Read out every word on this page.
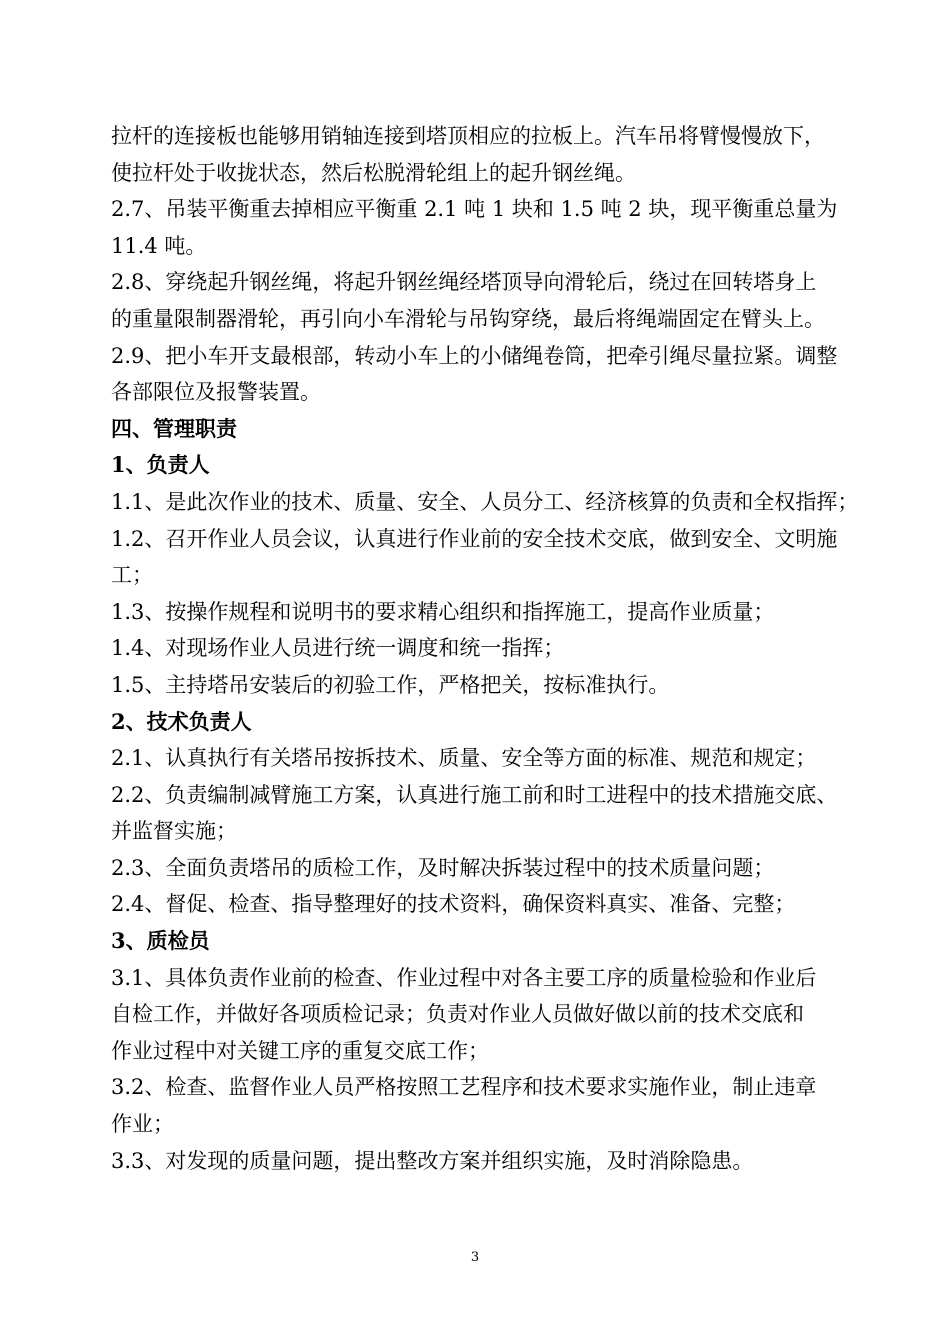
拉杆的连接板也能够用销轴连接到塔顶相应的拉板上。汽车吊将臂慢慢放下，
使拉杆处于收拢状态，然后松脱滑轮组上的起升钢丝绳。
2.7、吊装平衡重去掉相应平衡重 2.1 吨 1 块和 1.5 吨 2 块，现平衡重总量为
11.4 吨。
2.8、穿绕起升钢丝绳，将起升钢丝绳经塔顶导向滑轮后，绕过在回转塔身上
的重量限制器滑轮，再引向小车滑轮与吊钩穿绕，最后将绳端固定在臂头上。
2.9、把小车开支最根部，转动小车上的小储绳卷筒，把牵引绳尽量拉紧。调整
各部限位及报警装置。
四、管理职责
1、负责人
1.1、是此次作业的技术、质量、安全、人员分工、经济核算的负责和全权指挥；
1.2、召开作业人员会议，认真进行作业前的安全技术交底，做到安全、文明施
工；
1.3、按操作规程和说明书的要求精心组织和指挥施工，提高作业质量；
1.4、对现场作业人员进行统一调度和统一指挥；
1.5、主持塔吊安装后的初验工作，严格把关，按标准执行。
2、技术负责人
2.1、认真执行有关塔吊按拆技术、质量、安全等方面的标准、规范和规定；
2.2、负责编制减臂施工方案，认真进行施工前和时工进程中的技术措施交底、
并监督实施；
2.3、全面负责塔吊的质检工作，及时解决拆装过程中的技术质量问题；
2.4、督促、检查、指导整理好的技术资料，确保资料真实、准备、完整；
3、质检员
3.1、具体负责作业前的检查、作业过程中对各主要工序的质量检验和作业后
自检工作，并做好各项质检记录；负责对作业人员做好做以前的技术交底和
作业过程中对关键工序的重复交底工作；
3.2、检查、监督作业人员严格按照工艺程序和技术要求实施作业，制止违章
作业；
3.3、对发现的质量问题，提出整改方案并组织实施，及时消除隐患。
3
